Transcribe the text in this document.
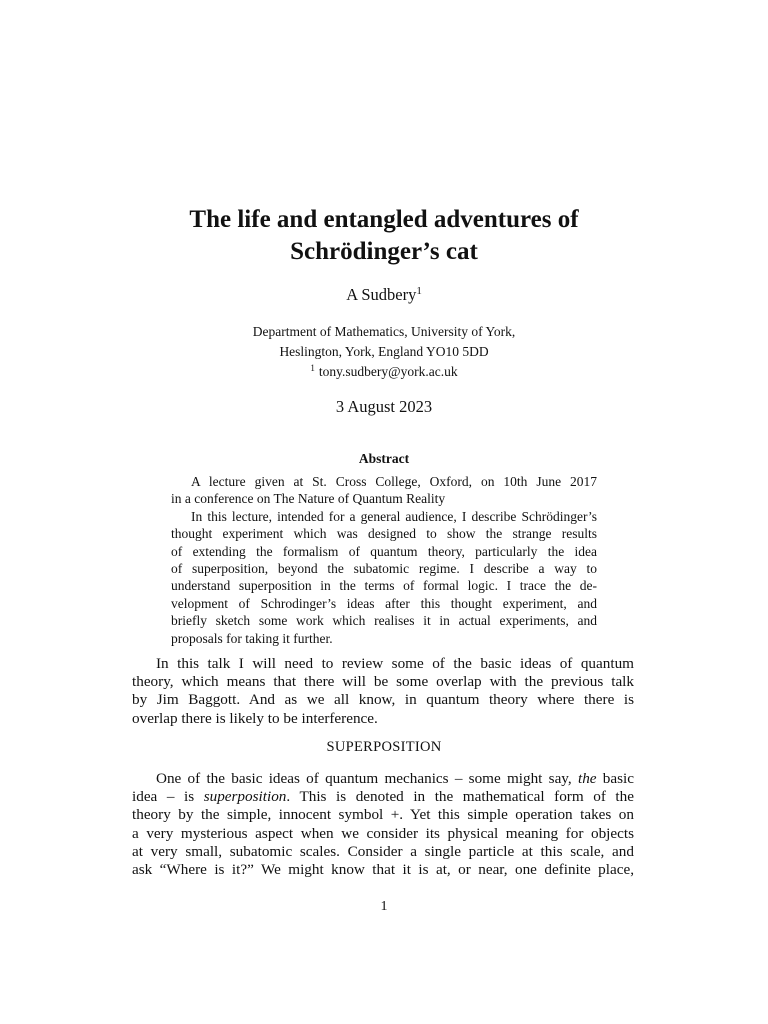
The life and entangled adventures of
Schrödinger’s cat
A Sudbery$^1$
Department of Mathematics, University of York,
Heslington, York, England YO10 5DD
$^1$ tony.sudbery@york.ac.uk
3 August 2023
Abstract
A lecture given at St. Cross College, Oxford, on 10th June 2017
in a conference on The Nature of Quantum Reality
In this lecture, intended for a general audience, I describe Schrödinger’s
thought experiment which was designed to show the strange results
of extending the formalism of quantum theory, particularly the idea
of superposition, beyond the subatomic regime. I describe a way to
understand superposition in the terms of formal logic. I trace the de-
velopment of Schrodinger’s ideas after this thought experiment, and
briefly sketch some work which realises it in actual experiments, and
proposals for taking it further.
In this talk I will need to review some of the basic ideas of quantum
theory, which means that there will be some overlap with the previous talk
by Jim Baggott. And as we all know, in quantum theory where there is
overlap there is likely to be interference.
SUPERPOSITION
One of the basic ideas of quantum mechanics – some might say, the basic
idea – is superposition. This is denoted in the mathematical form of the
theory by the simple, innocent symbol +. Yet this simple operation takes on
a very mysterious aspect when we consider its physical meaning for objects
at very small, subatomic scales. Consider a single particle at this scale, and
ask “Where is it?” We might know that it is at, or near, one definite place,
1
